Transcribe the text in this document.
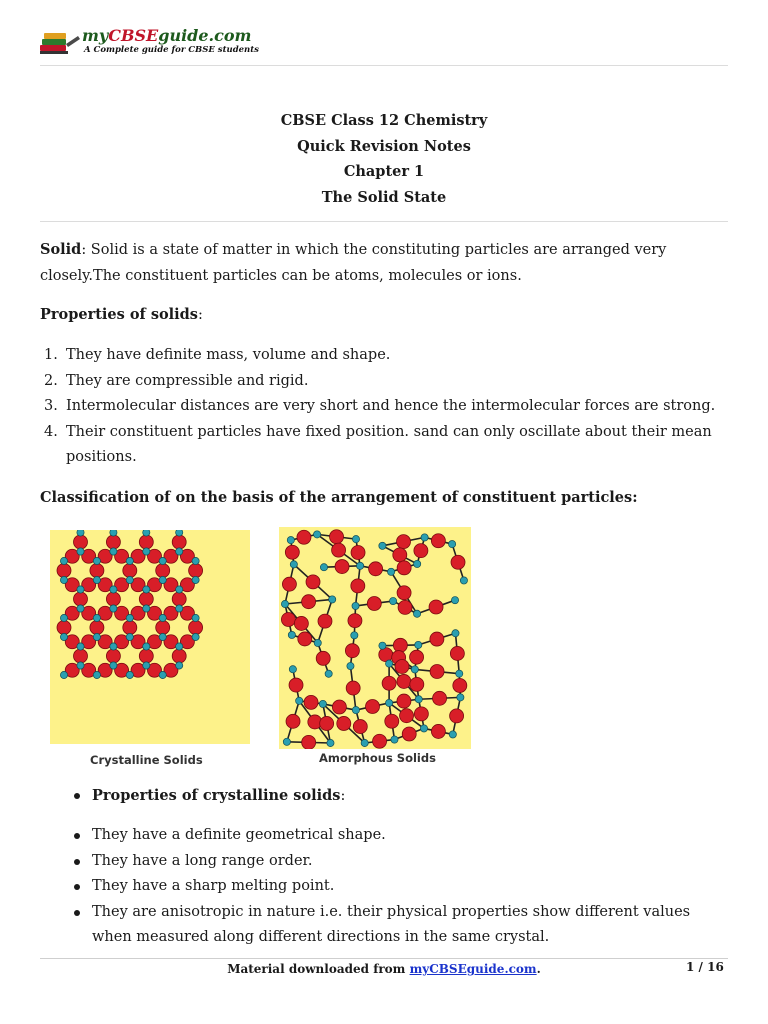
myCBSEguide.com
A Complete guide for CBSE students
CBSE Class 12 Chemistry
Quick Revision Notes
Chapter 1
The Solid State
Solid: Solid is a state of matter in which the constituting particles are arranged very closely.The constituent particles can be atoms, molecules or ions.
Properties of solids:
1. They have definite mass, volume and shape.
2. They are compressible and rigid.
3. Intermolecular distances are very short and hence the intermolecular forces are strong.
4. Their constituent particles have fixed position. sand can only oscillate about their mean positions.
Classification of on the basis of the arrangement of constituent particles:
Crystalline Solids	Amorphous Solids
Properties of crystalline solids:
They have a definite geometrical shape.
They have a long range order.
They have a sharp melting point.
They are anisotropic in nature i.e. their physical properties show different values when measured along different directions in the same crystal.
Material downloaded from myCBSEguide.com.	1 / 16
